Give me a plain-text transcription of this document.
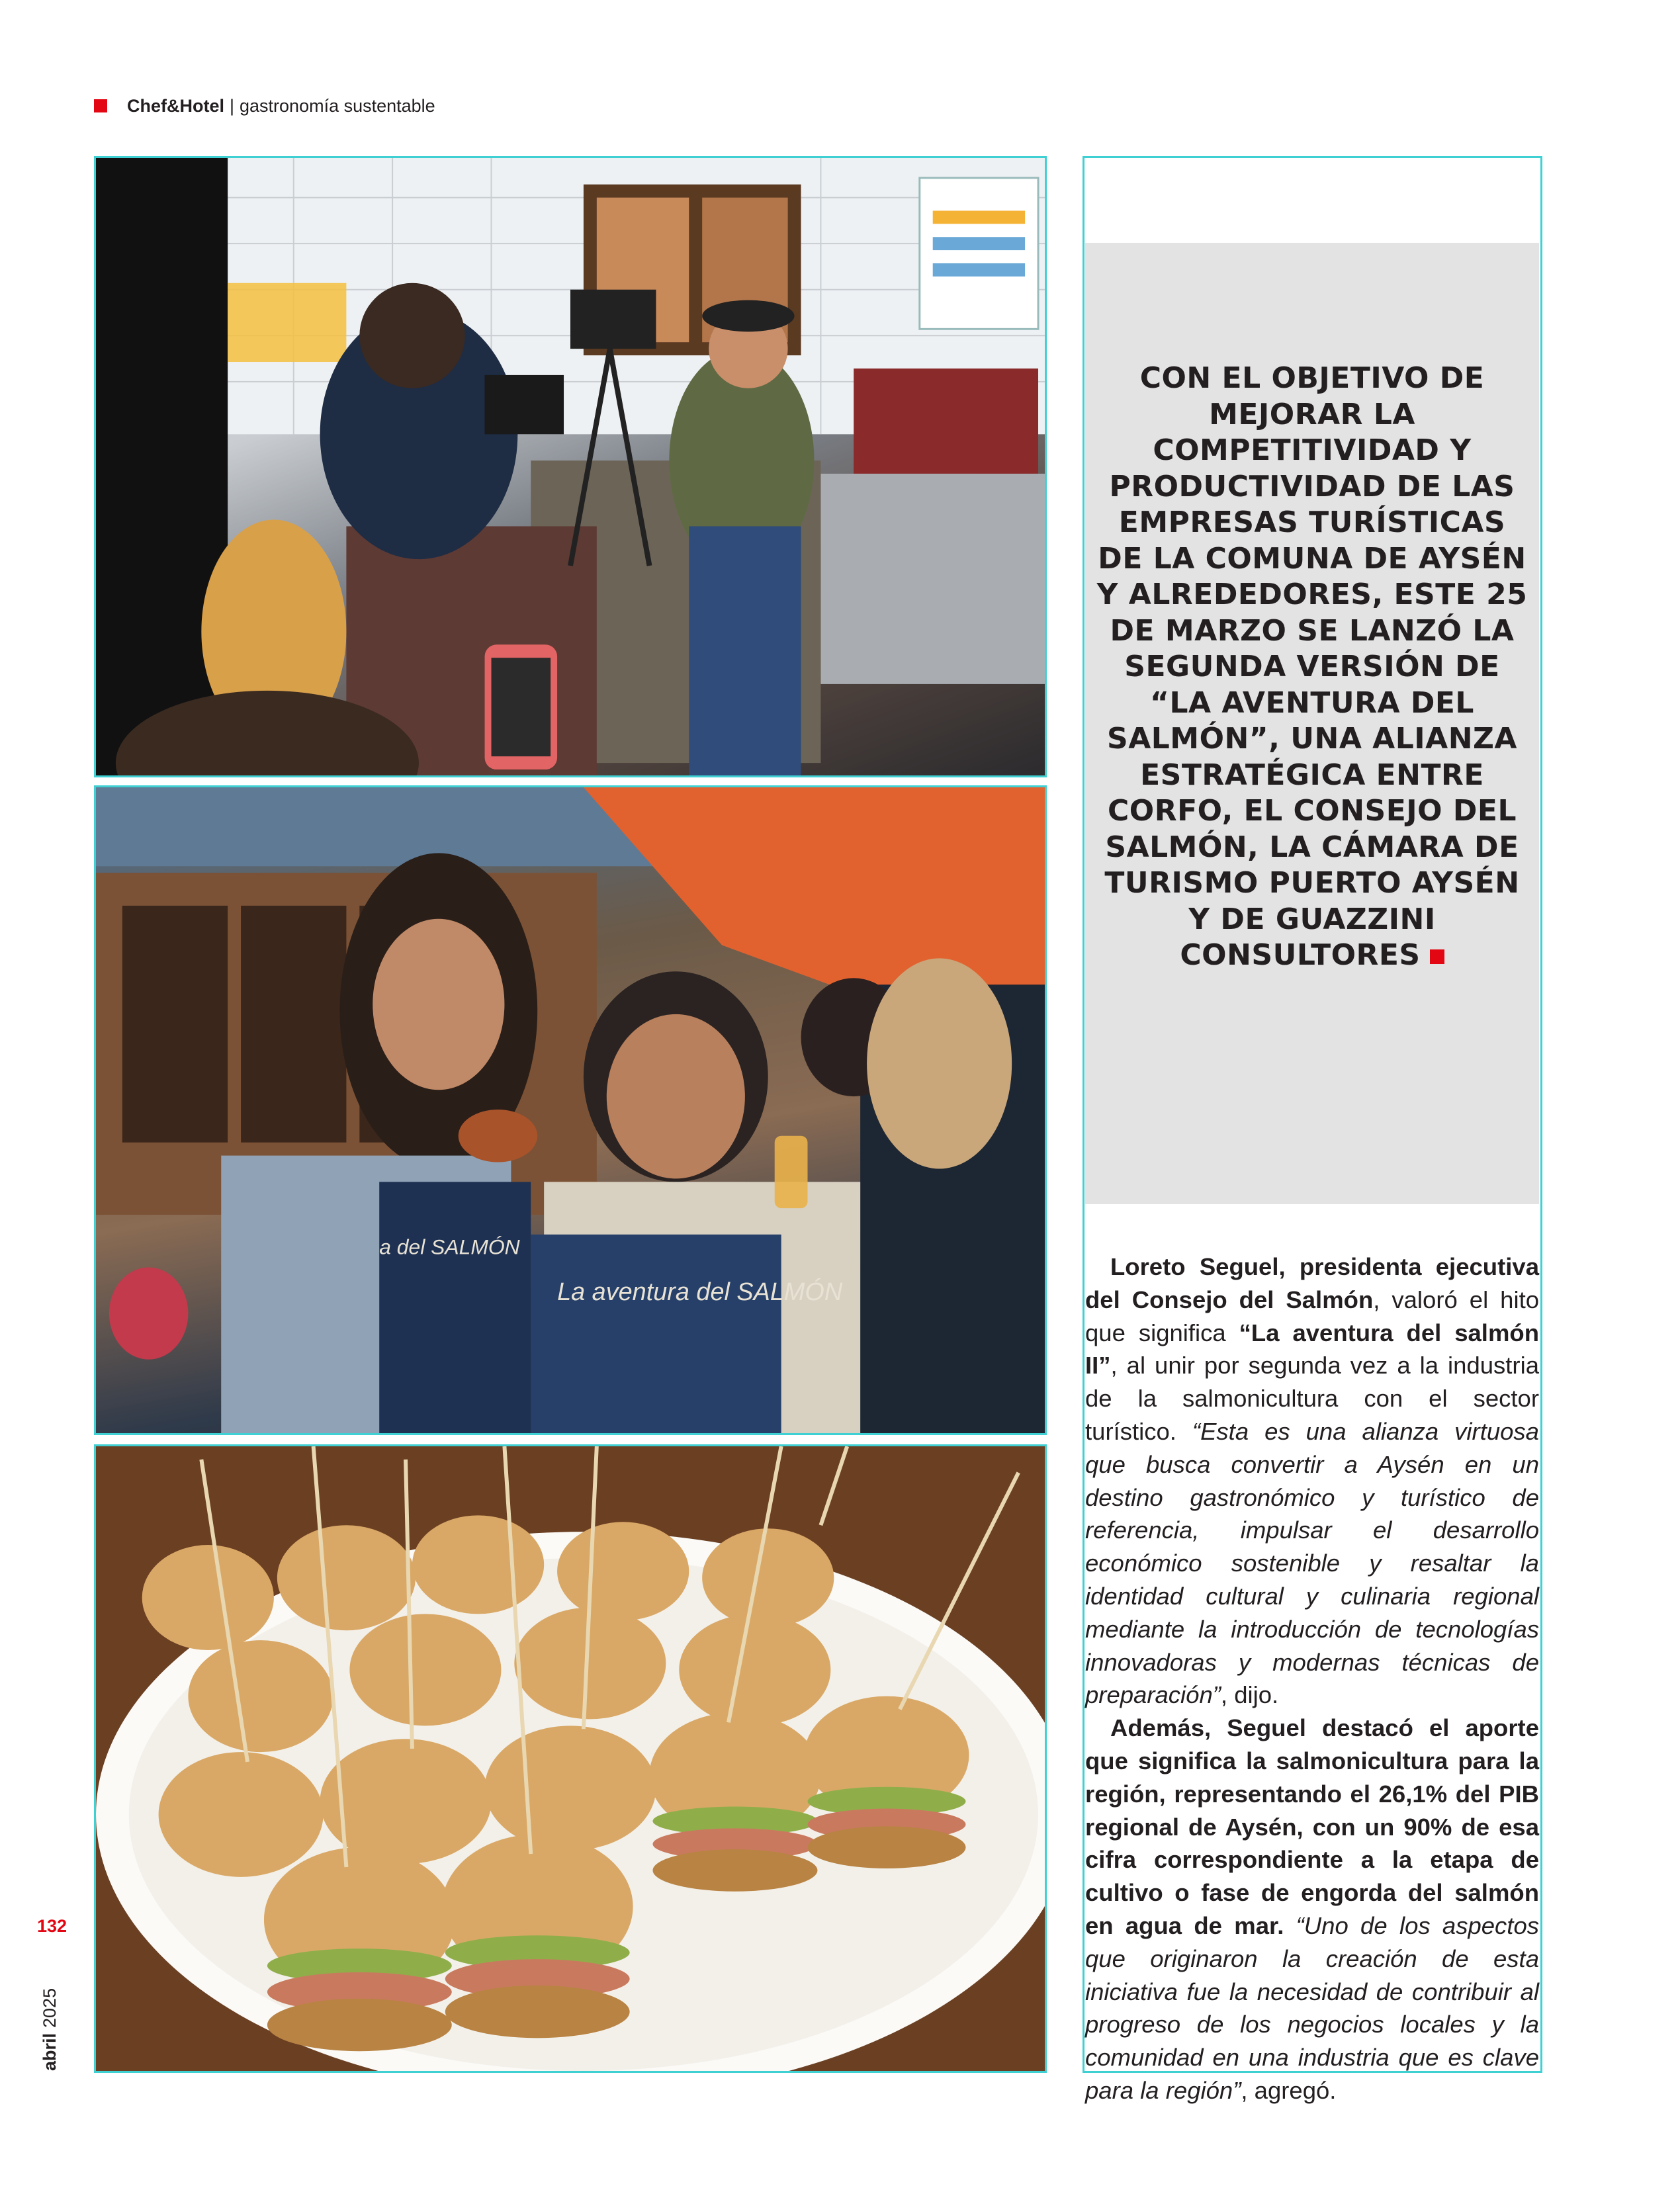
Chef&Hotel | gastronomía sustentable
La aventura del SALMÓN
a del SALMÓN
CON EL OBJETIVO DE MEJORAR LA COMPETITIVIDAD Y PRODUCTIVIDAD DE LAS EMPRESAS TURÍSTICAS DE LA COMUNA DE AYSÉN Y ALREDEDORES, ESTE 25 DE MARZO SE LANZÓ LA SEGUNDA VERSIÓN DE “LA AVENTURA DEL SALMÓN”, UNA ALIANZA ESTRATÉGICA ENTRE CORFO, EL CONSEJO DEL SALMÓN, LA CÁMARA DE TURISMO PUERTO AYSÉN Y DE GUAZZINI CONSULTORES

Loreto Seguel, presidenta ejecutiva del Consejo del Salmón, valoró el hito que significa “La aventura del salmón II”, al unir por segunda vez a la industria de la salmonicultura con el sector turístico. “Esta es una alianza virtuosa que busca convertir a Aysén en un destino gastronómico y turístico de referencia, impulsar el desarrollo económico sostenible y resaltar la identidad cultural y culinaria regional mediante la introducción de tecnologías innovadoras y modernas técnicas de preparación”, dijo.

Además, Seguel destacó el aporte que significa la salmonicultura para la región, representando el 26,1% del PIB regional de Aysén, con un 90% de esa cifra correspondiente a la etapa de cultivo o fase de engorda del salmón en agua de mar. “Uno de los aspectos que originaron la creación de esta iniciativa fue la necesidad de contribuir al progreso de los negocios locales y la comunidad en una industria que es clave para la región”, agregó.

132
abril2025
